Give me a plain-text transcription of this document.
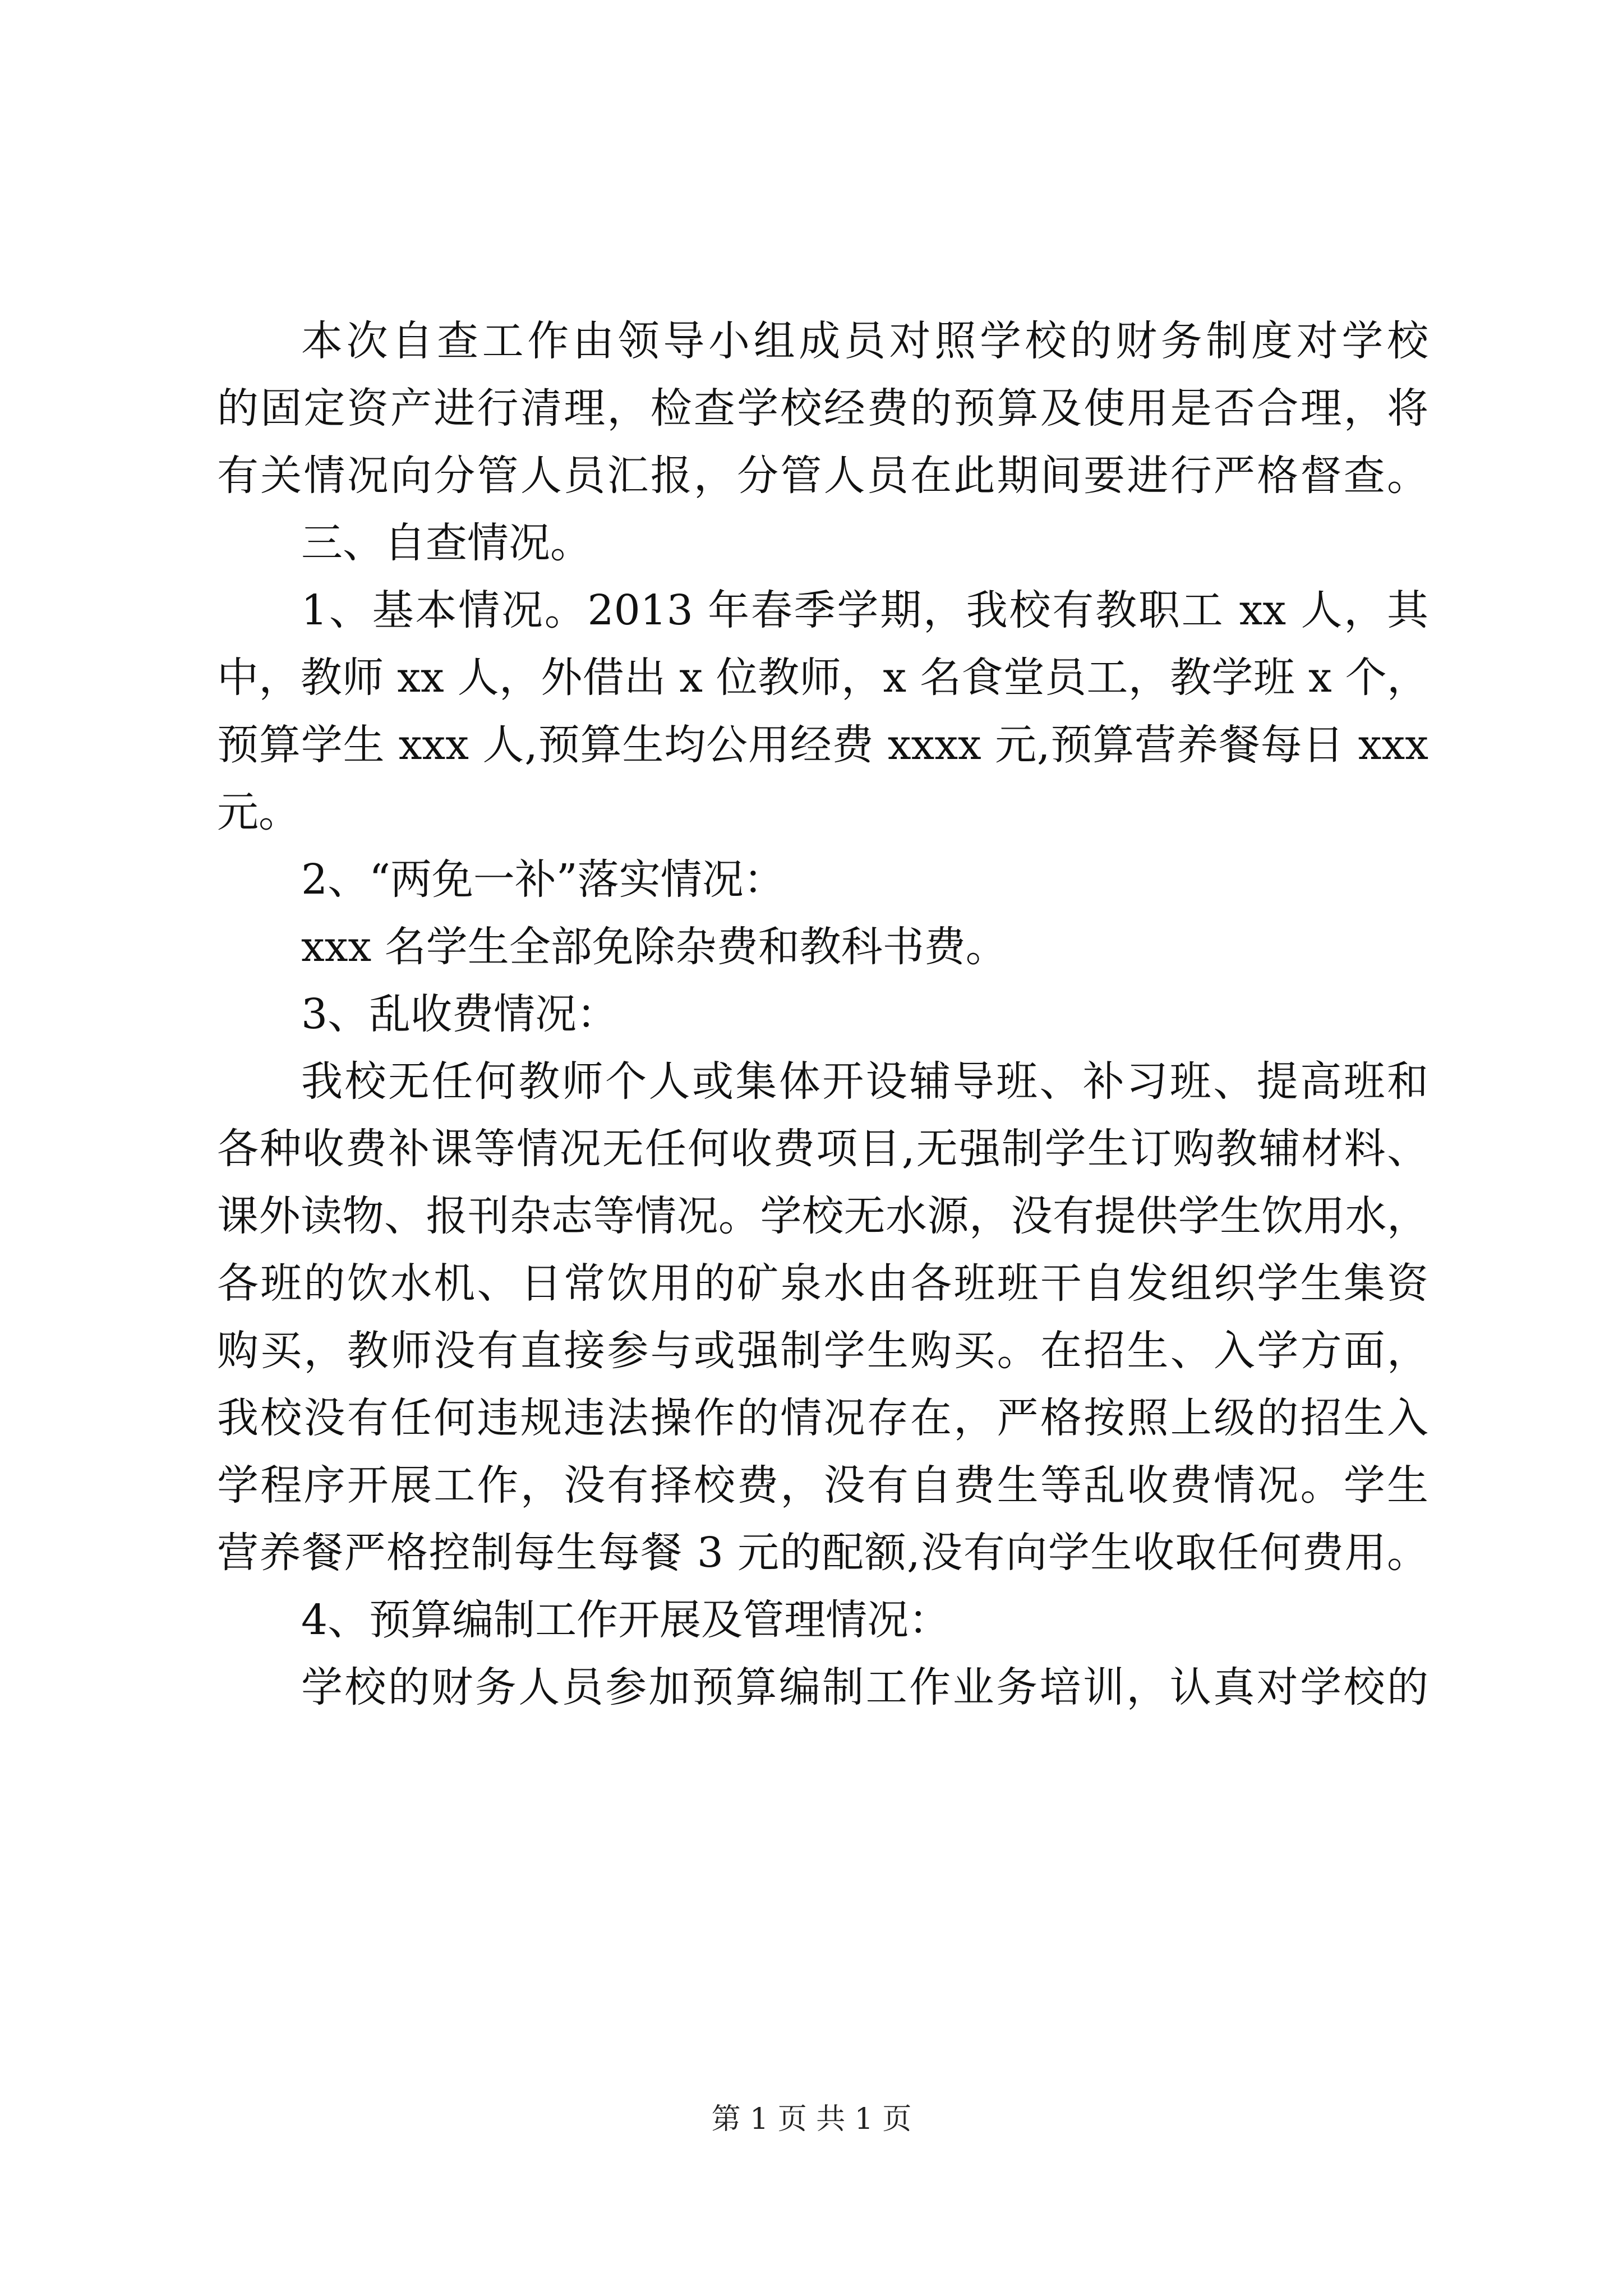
本次自查工作由领导小组成员对照学校的财务制度对学校
的固定资产进行清理，检查学校经费的预算及使用是否合理，将
有关情况向分管人员汇报，分管人员在此期间要进行严格督查。
三、自查情况。
1、基本情况。2013 年春季学期，我校有教职工 xx 人，其
中，教师 xx 人，外借出 x 位教师，x 名食堂员工，教学班 x 个，
预算学生 xxx 人,预算生均公用经费 xxxx 元,预算营养餐每日 xxx
元。
2、“两免一补”落实情况：
xxx 名学生全部免除杂费和教科书费。
3、乱收费情况：
我校无任何教师个人或集体开设辅导班、补习班、提高班和
各种收费补课等情况无任何收费项目,无强制学生订购教辅材料、
课外读物、报刊杂志等情况。学校无水源，没有提供学生饮用水，
各班的饮水机、日常饮用的矿泉水由各班班干自发组织学生集资
购买，教师没有直接参与或强制学生购买。在招生、入学方面，
我校没有任何违规违法操作的情况存在，严格按照上级的招生入
学程序开展工作，没有择校费，没有自费生等乱收费情况。学生
营养餐严格控制每生每餐 3 元的配额,没有向学生收取任何费用。
4、预算编制工作开展及管理情况：
学校的财务人员参加预算编制工作业务培训，认真对学校的
第 1 页 共 1 页
